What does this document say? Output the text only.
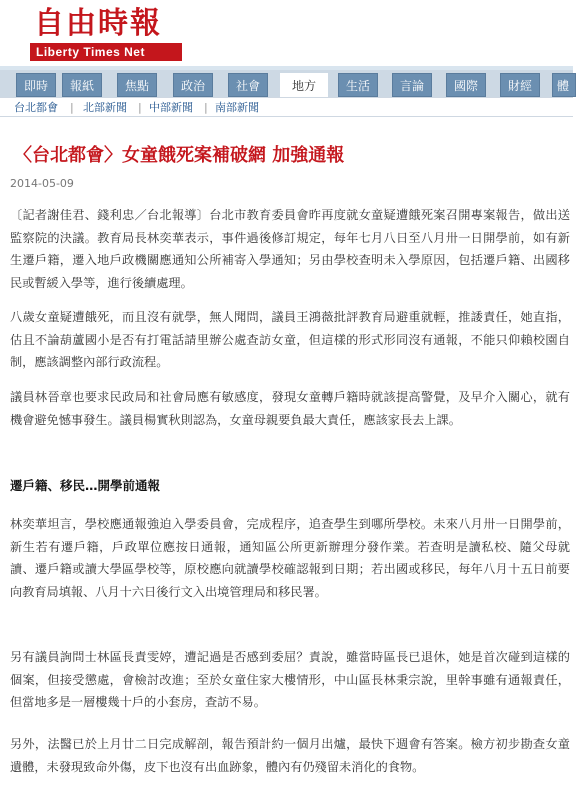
自由時報
Liberty Times Net
即時	報紙	焦點	政治	社會	地方	生活	言論	國際	財經	體
台北都會 | 北部新聞 | 中部新聞 | 南部新聞
〈台北都會〉女童餓死案補破網 加強通報
2014-05-09

〔記者謝佳君、錢利忠／台北報導〕台北市教育委員會昨再度就女童疑遭餓死案召開專案報告，做出送監察院的決議。教育局長林奕華表示，事件過後修訂規定，每年七月八日至八月卅一日開學前，如有新生遷戶籍，遷入地戶政機關應通知公所補寄入學通知；另由學校查明未入學原因，包括遷戶籍、出國移民或暫緩入學等，進行後續處理。

八歲女童疑遭餓死，而且沒有就學，無人聞問，議員王鴻薇批評教育局避重就輕，推諉責任，她直指，估且不論葫蘆國小是否有打電話請里辦公處查訪女童，但這樣的形式形同沒有通報，不能只仰賴校園自制，應該調整內部行政流程。

議員林晉章也要求民政局和社會局應有敏感度，發現女童轉戶籍時就該提高警覺，及早介入關心，就有機會避免憾事發生。議員楊實秋則認為，女童母親要負最大責任，應該家長去上課。

遷戶籍、移民…開學前通報

林奕華坦言，學校應通報強迫入學委員會，完成程序，追查學生到哪所學校。未來八月卅一日開學前，新生若有遷戶籍，戶政單位應按日通報，通知區公所更新辦理分發作業。若查明是讀私校、隨父母就讀、遷戶籍或讀大學區學校等，原校應向就讀學校確認報到日期；若出國或移民，每年八月十五日前要向教育局填報、八月十六日後行文入出境管理局和移民署。

另有議員詢問士林區長責雯婷，遭記過是否感到委屈？責說，雖當時區長已退休，她是首次碰到這樣的個案，但接受懲處，會檢討改進；至於女童住家大樓情形，中山區長林秉宗說，里幹事雖有通報責任，但當地多是一層樓幾十戶的小套房，查訪不易。

另外，法醫已於上月廿二日完成解剖，報告預計約一個月出爐，最快下週會有答案。檢方初步勘查女童遺體，未發現致命外傷，皮下也沒有出血跡象，體內有仍殘留未消化的食物。
